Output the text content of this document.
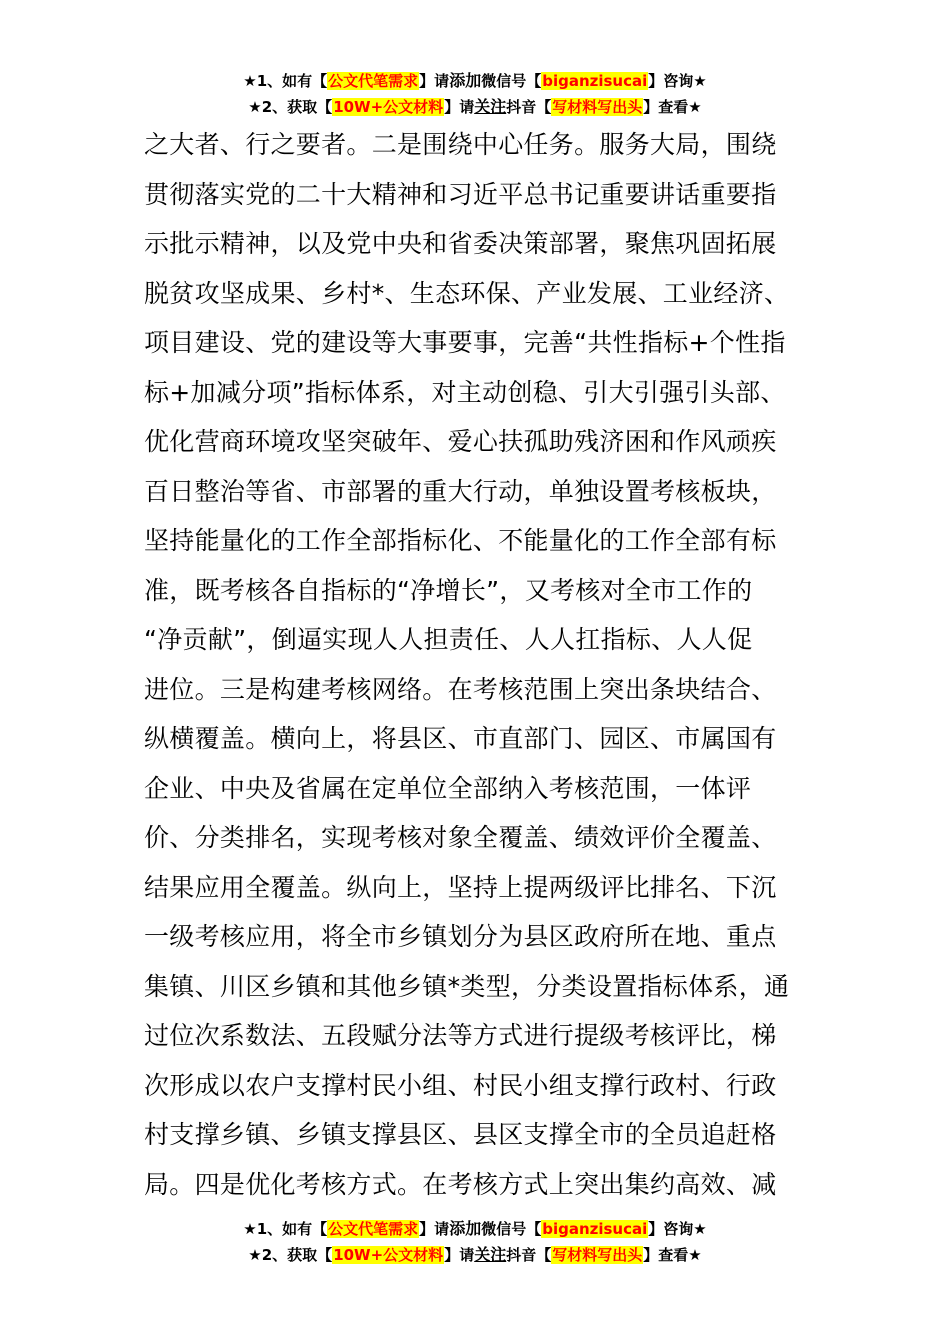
★1、如有【公文代笔需求】请添加微信号【biganzisucai】咨询★
★2、获取【10W+公文材料】请关注抖音【写材料写出头】查看★
之大者、行之要者。二是围绕中心任务。服务大局，围绕
贯彻落实党的二十大精神和习近平总书记重要讲话重要指
示批示精神，以及党中央和省委决策部署，聚焦巩固拓展
脱贫攻坚成果、乡村*、生态环保、产业发展、工业经济、
项目建设、党的建设等大事要事，完善“共性指标+个性指
标+加减分项”指标体系，对主动创稳、引大引强引头部、
优化营商环境攻坚突破年、爱心扶孤助残济困和作风顽疾
百日整治等省、市部署的重大行动，单独设置考核板块，
坚持能量化的工作全部指标化、不能量化的工作全部有标
准，既考核各自指标的“净增长”，又考核对全市工作的
“净贡献”，倒逼实现人人担责任、人人扛指标、人人促
进位。三是构建考核网络。在考核范围上突出条块结合、
纵横覆盖。横向上，将县区、市直部门、园区、市属国有
企业、中央及省属在定单位全部纳入考核范围，一体评
价、分类排名，实现考核对象全覆盖、绩效评价全覆盖、
结果应用全覆盖。纵向上，坚持上提两级评比排名、下沉
一级考核应用，将全市乡镇划分为县区政府所在地、重点
集镇、川区乡镇和其他乡镇*类型，分类设置指标体系，通
过位次系数法、五段赋分法等方式进行提级考核评比，梯
次形成以农户支撑村民小组、村民小组支撑行政村、行政
村支撑乡镇、乡镇支撑县区、县区支撑全市的全员追赶格
局。四是优化考核方式。在考核方式上突出集约高效、减
★1、如有【公文代笔需求】请添加微信号【biganzisucai】咨询★
★2、获取【10W+公文材料】请关注抖音【写材料写出头】查看★
